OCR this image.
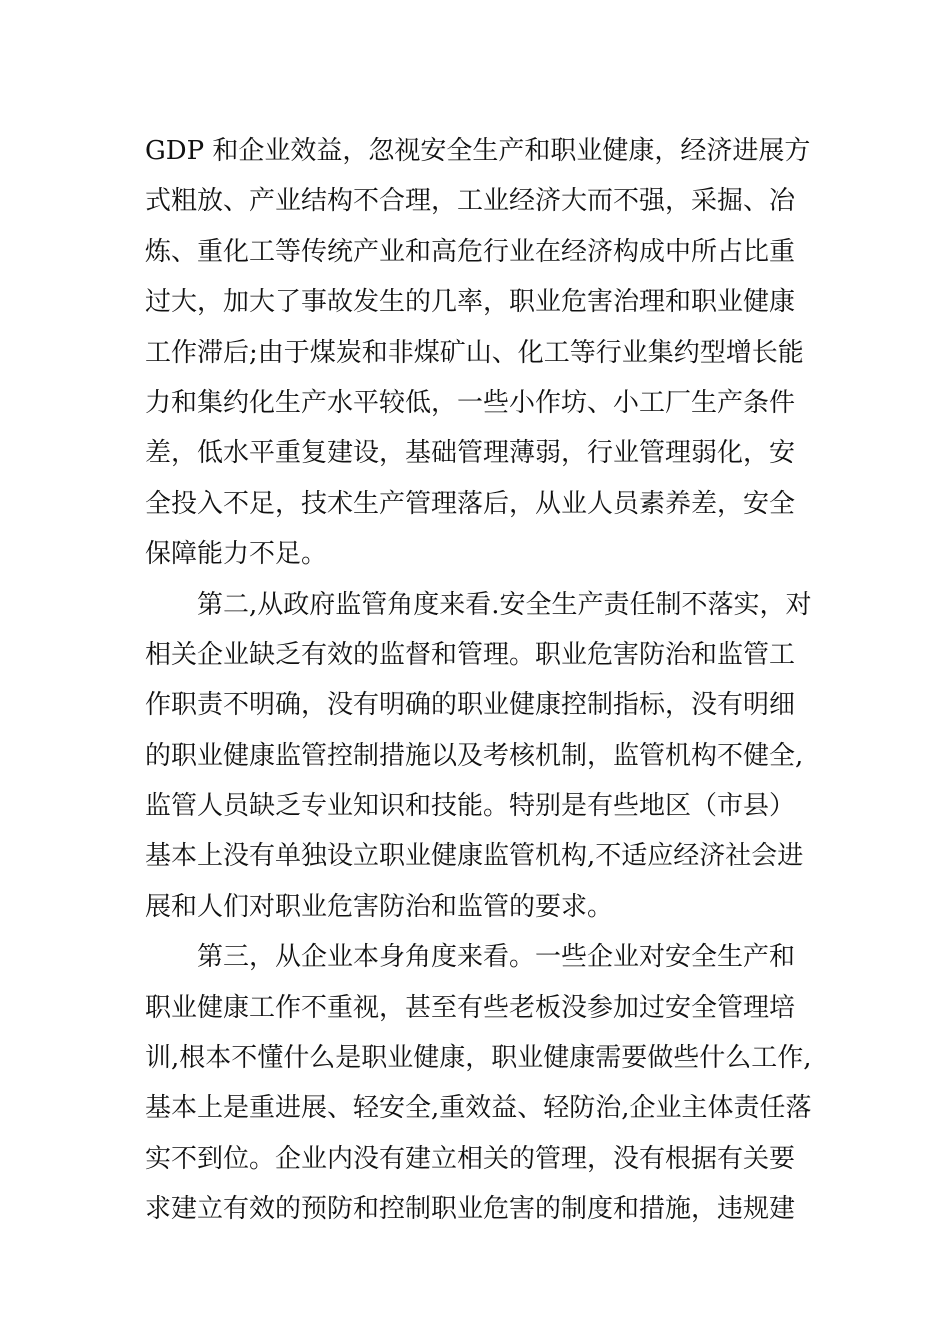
GDP 和企业效益，忽视安全生产和职业健康，经济进展方
式粗放、产业结构不合理，工业经济大而不强，采掘、冶
炼、重化工等传统产业和高危行业在经济构成中所占比重
过大，加大了事故发生的几率，职业危害治理和职业健康
工作滞后;由于煤炭和非煤矿山、化工等行业集约型增长能
力和集约化生产水平较低，一些小作坊、小工厂生产条件
差，低水平重复建设，基础管理薄弱，行业管理弱化，安
全投入不足，技术生产管理落后，从业人员素养差，安全
保障能力不足。
第二,从政府监管角度来看.安全生产责任制不落实，对
相关企业缺乏有效的监督和管理。职业危害防治和监管工
作职责不明确，没有明确的职业健康控制指标，没有明细
的职业健康监管控制措施以及考核机制，监管机构不健全,
监管人员缺乏专业知识和技能。特别是有些地区（市县）
基本上没有单独设立职业健康监管机构,不适应经济社会进
展和人们对职业危害防治和监管的要求。
第三，从企业本身角度来看。一些企业对安全生产和
职业健康工作不重视，甚至有些老板没参加过安全管理培
训,根本不懂什么是职业健康，职业健康需要做些什么工作,
基本上是重进展、轻安全,重效益、轻防治,企业主体责任落
实不到位。企业内没有建立相关的管理，没有根据有关要
求建立有效的预防和控制职业危害的制度和措施，违规建
